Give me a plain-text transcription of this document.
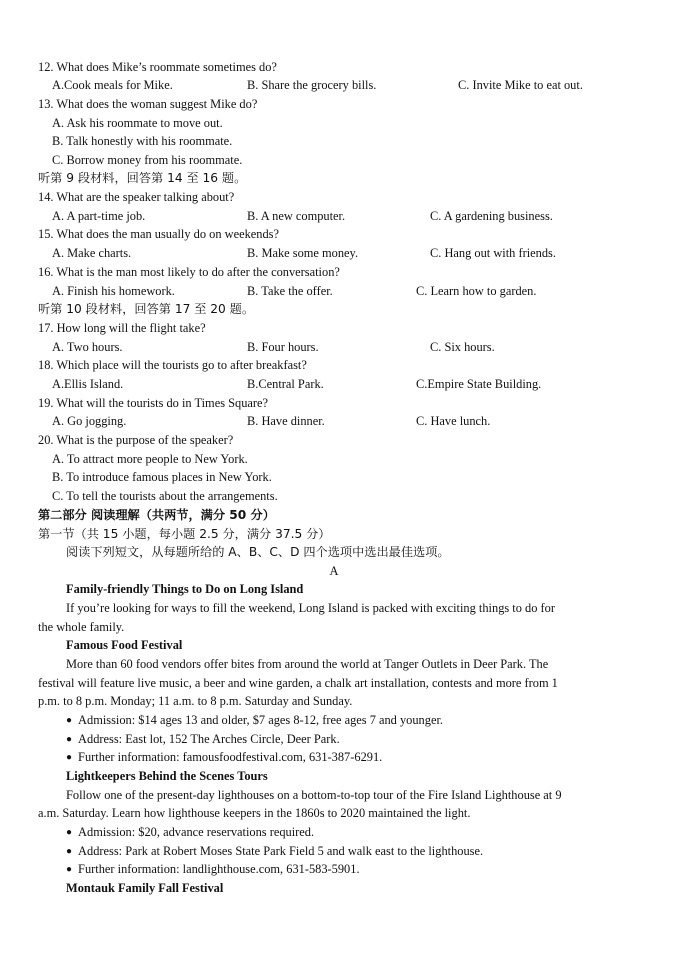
12. What does Mike’s roommate sometimes do?
A.Cook meals for Mike.	B. Share the grocery bills.	C. Invite Mike to eat out.
13. What does the woman suggest Mike do?
A. Ask his roommate to move out.
B. Talk honestly with his roommate.
C. Borrow money from his roommate.
听第 9 段材料，回答第 14 至 16 题。
14. What are the speaker talking about?
A. A part-time job.	B. A new computer.	C. A gardening business.
15. What does the man usually do on weekends?
A. Make charts.	B. Make some money.	C. Hang out with friends.
16. What is the man most likely to do after the conversation?
A. Finish his homework.	B. Take the offer.	C. Learn how to garden.
听第 10 段材料，回答第 17 至 20 题。
17. How long will the flight take?
A. Two hours.	B. Four hours.	C. Six hours.
18. Which place will the tourists go to after breakfast?
A.Ellis Island.	B.Central Park.	C.Empire State Building.
19. What will the tourists do in Times Square?
A. Go jogging.	B. Have dinner.	C. Have lunch.
20. What is the purpose of the speaker?
A. To attract more people to New York.
B. To introduce famous places in New York.
C. To tell the tourists about the arrangements.
第二部分 阅读理解（共两节，满分 50 分）
第一节（共 15 小题，每小题 2.5 分，满分 37.5 分）
阅读下列短文，从每题所给的 A、B、C、D 四个选项中选出最佳选项。
A
Family-friendly Things to Do on Long Island
If you’re looking for ways to fill the weekend, Long Island is packed with exciting things to do for
the whole family.
Famous Food Festival
More than 60 food vendors offer bites from around the world at Tanger Outlets in Deer Park. The
festival will feature live music, a beer and wine garden, a chalk art installation, contests and more from 1
p.m. to 8 p.m. Monday; 11 a.m. to 8 p.m. Saturday and Sunday.
● Admission: $14 ages 13 and older, $7 ages 8-12, free ages 7 and younger.
● Address: East lot, 152 The Arches Circle, Deer Park.
● Further information: famousfoodfestival.com, 631-387-6291.
Lightkeepers Behind the Scenes Tours
Follow one of the present-day lighthouses on a bottom-to-top tour of the Fire Island Lighthouse at 9
a.m. Saturday. Learn how lighthouse keepers in the 1860s to 2020 maintained the light.
● Admission: $20, advance reservations required.
● Address: Park at Robert Moses State Park Field 5 and walk east to the lighthouse.
● Further information: landlighthouse.com, 631-583-5901.
Montauk Family Fall Festival
